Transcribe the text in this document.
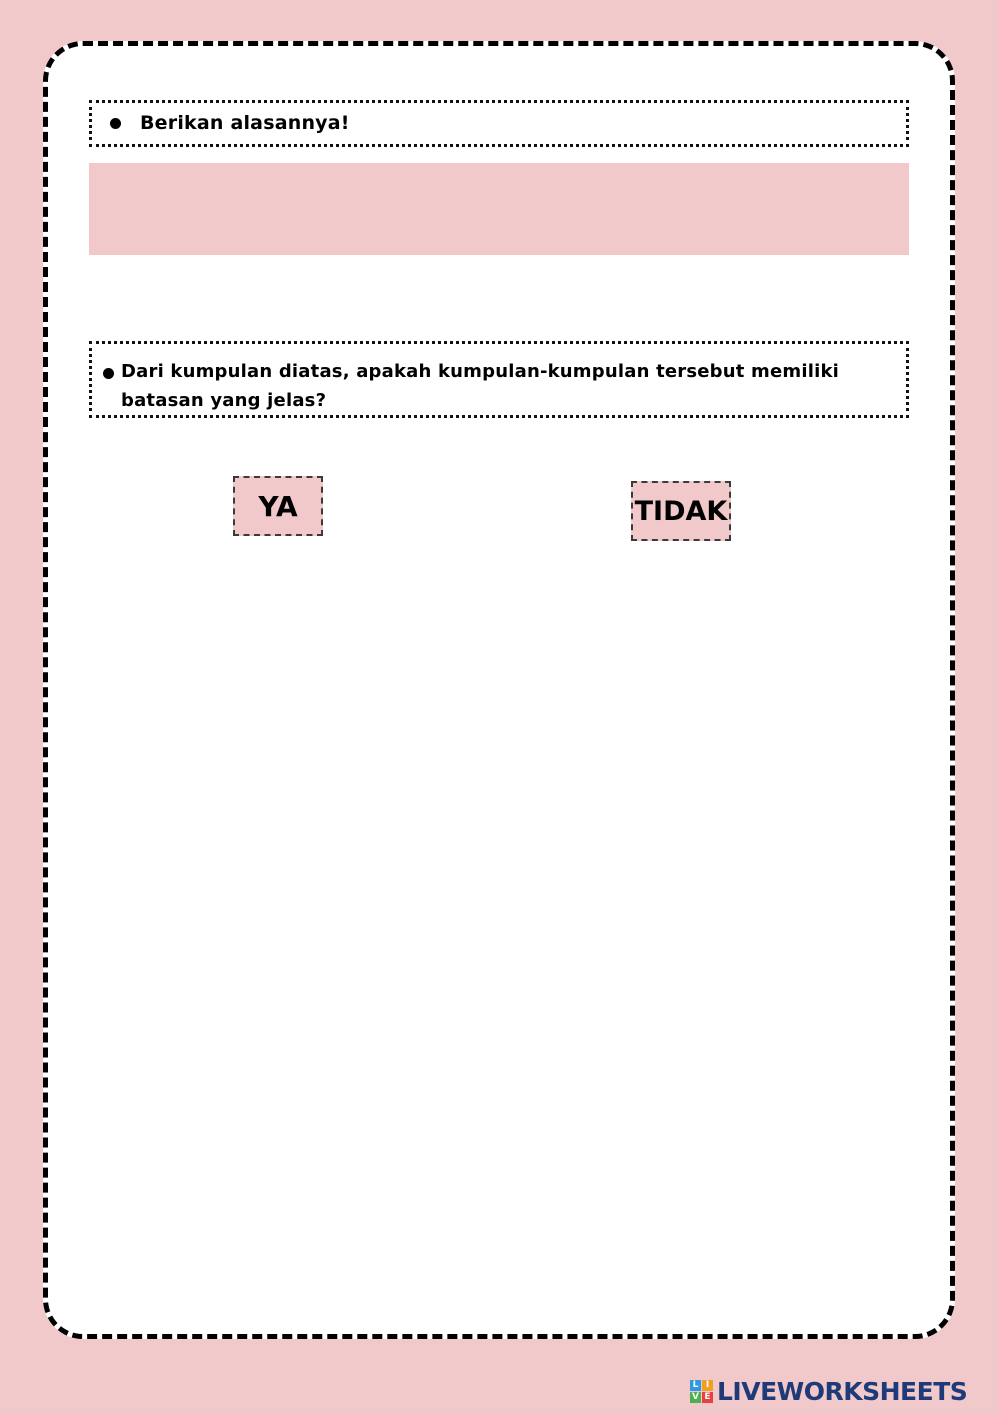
Berikan alasannya!
Dari kumpulan diatas, apakah kumpulan-kumpulan tersebut memiliki batasan yang jelas?
YA	TIDAK
L I
V E LIVEWORKSHEETS
